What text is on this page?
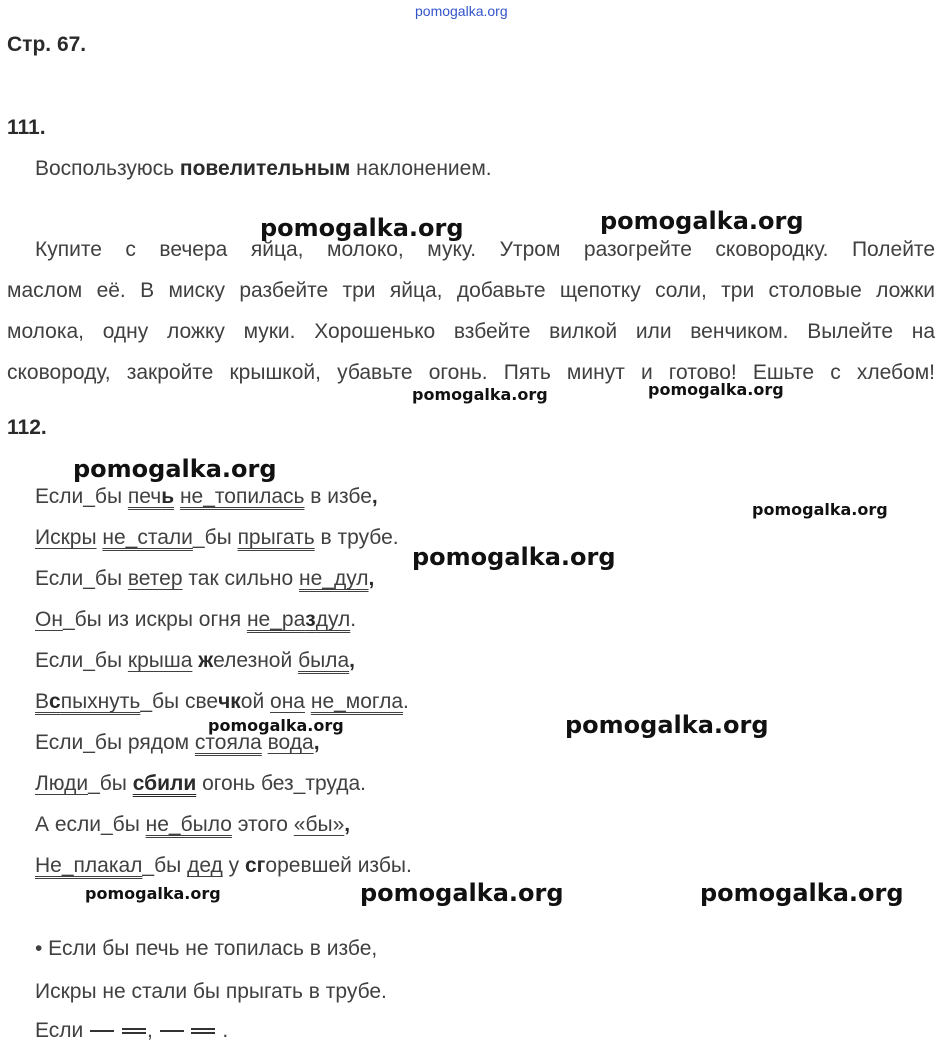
pomogalka.org
Стр. 67.
111.
Воспользуюсь повелительным наклонением.
Купите с вечера яйца, молоко, муку. Утром разогрейте сковородку. Полейте
маслом её. В миску разбейте три яйца, добавьте щепотку соли, три столовые ложки
молока, одну ложку муки. Хорошенько взбейте вилкой или венчиком. Вылейте на
сковороду, закройте крышкой, убавьте огонь. Пять минут и готово! Ешьте с хлебом!
112.
Если_бы печь не_топилась в избе,
Искры не_стали_бы прыгать в трубе.
Если_бы ветер так сильно не_дул,
Он_бы из искры огня не_раздул.
Если_бы крыша железной была,
Вспыхнуть_бы свечкой она не_могла.
Если_бы рядом стояла вода,
Люди_бы сбили огонь без_труда.
А если_бы не_было этого «бы»,
Не_плакал_бы дед у сгоревшей избы.
• Если бы печь не топилась в избе,
Искры не стали бы прыгать в трубе.
Если	,	.
pomogalka.org	pomogalka.org
pomogalka.org	pomogalka.org
pomogalka.org
pomogalka.org
pomogalka.org
pomogalka.org	pomogalka.org
pomogalka.org	pomogalka.org	pomogalka.org
